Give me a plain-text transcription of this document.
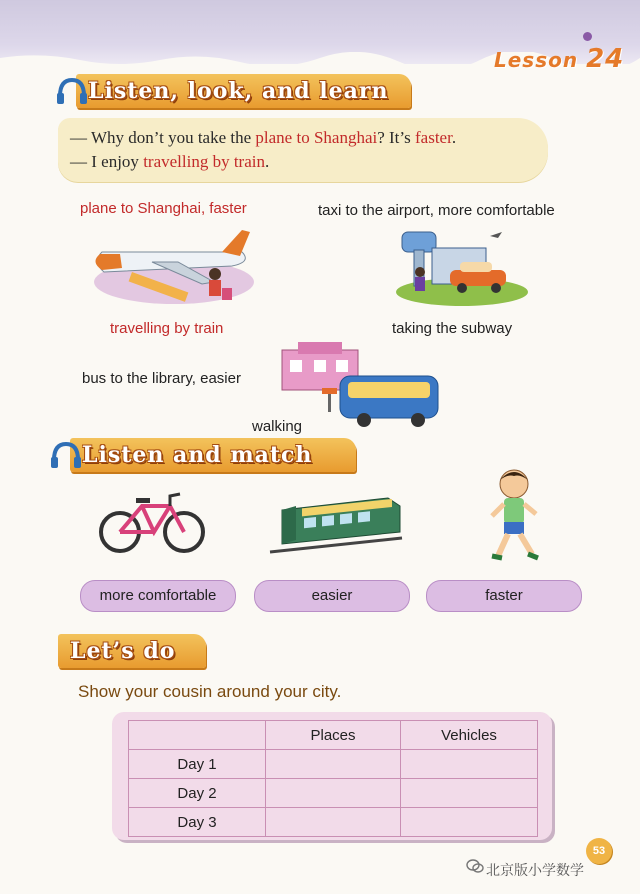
Lesson 24
Listen, look, and learn
— Why don’t you take the plane to Shanghai? It’s faster.
— I enjoy travelling by train.
plane to Shanghai, faster	taxi to the airport, more comfortable
travelling by train	taking the subway
bus to the library, easier
walking
Listen and match
more comfortable	easier	faster
Let’s do
Show your cousin around your city.
	Places	Vehicles
Day 1		
Day 2		
Day 3		
53
北京版小学数学
